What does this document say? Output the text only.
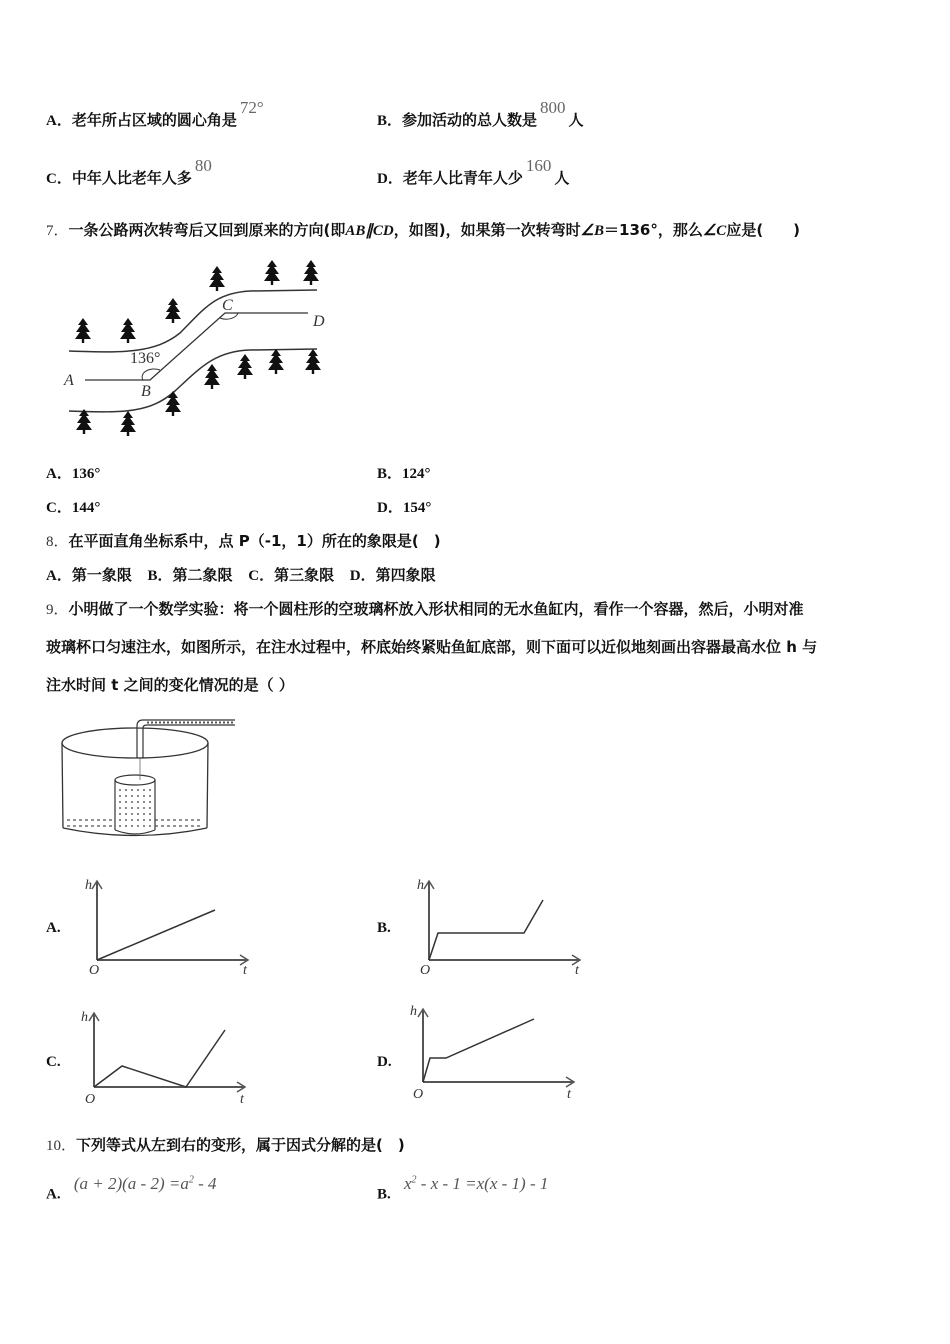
A．老年所占区域的圆心角是72°
B．参加活动的总人数是800人
C．中年人比老年人多80
D．老年人比青年人少160人
7．一条公路两次转弯后又回到原来的方向(即AB∥CD，如图)，如果第一次转弯时∠B＝136°，那么∠C应是(　　)
136°
A
B
C
D
A．136°	B．124°
C．144°	D．154°
8．在平面直角坐标系中，点 P（-1，1）所在的象限是(　)
A．第一象限 B．第二象限 C．第三象限 D．第四象限
9．小明做了一个数学实验：将一个圆柱形的空玻璃杯放入形状相同的无水鱼缸内，看作一个容器，然后，小明对准
玻璃杯口匀速注水，如图所示，在注水过程中，杯底始终紧贴鱼缸底部，则下面可以近似地刻画出容器最高水位 h 与
注水时间 t 之间的变化情况的是（ ）
A.
h
t
O
B.
h
t
O
C.
h
t
O
D.
h
t
O
10．下列等式从左到右的变形，属于因式分解的是(　)
A. $(a + 2)(a - 2) =a^2 - 4$
B. $x^2 - x - 1 =x(x - 1) - 1$
